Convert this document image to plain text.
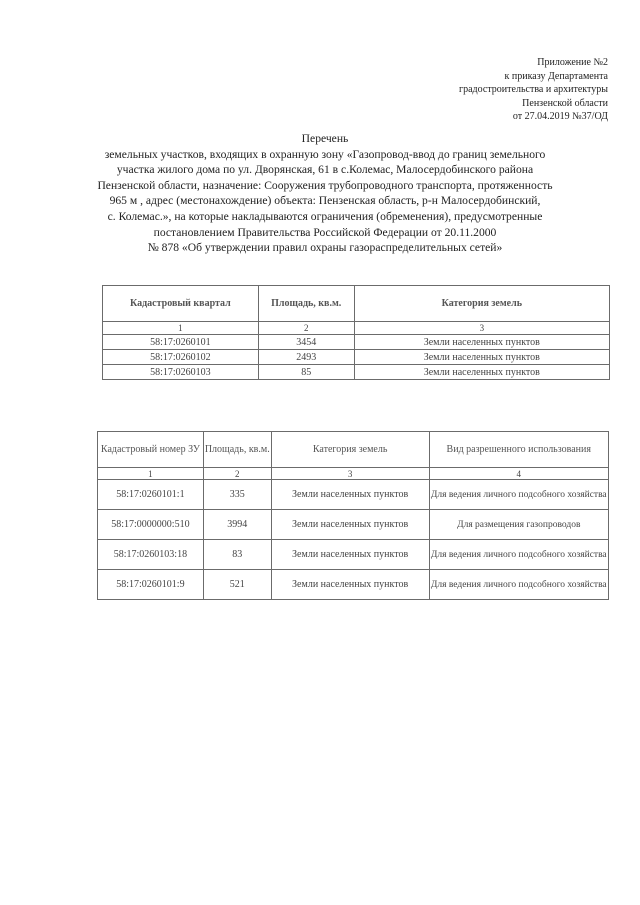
Приложение №2
к приказу Департамента
градостроительства и архитектуры
Пензенской области
от 27.04.2019 №37/ОД
Перечень
земельных участков, входящих в охранную зону «Газопровод-ввод до границ земельного
участка жилого дома по ул. Дворянская, 61 в с.Колемас, Малосердобинского района
Пензенской области, назначение: Сооружения трубопроводного транспорта, протяженность
965 м , адрес (местонахождение) объекта: Пензенская область, р-н Малосердобинский,
с. Колемас.», на которые накладываются ограничения (обременения), предусмотренные
постановлением Правительства Российской Федерации от 20.11.2000
№ 878 «Об утверждении правил охраны газораспределительных сетей»
Кадастровый квартал	Площадь, кв.м.	Категория земель
1	2	3
58:17:0260101	3454	Земли населенных пунктов
58:17:0260102	2493	Земли населенных пунктов
58:17:0260103	85	Земли населенных пунктов
Кадастровый номер ЗУ	Площадь, кв.м.	Категория земель	Вид разрешенного использования
1	2	3	4
58:17:0260101:1	335	Земли населенных пунктов	Для ведения личного подсобного хозяйства
58:17:0000000:510	3994	Земли населенных пунктов	Для размещения газопроводов
58:17:0260103:18	83	Земли населенных пунктов	Для ведения личного подсобного хозяйства
58:17:0260101:9	521	Земли населенных пунктов	Для ведения личного подсобного хозяйства
